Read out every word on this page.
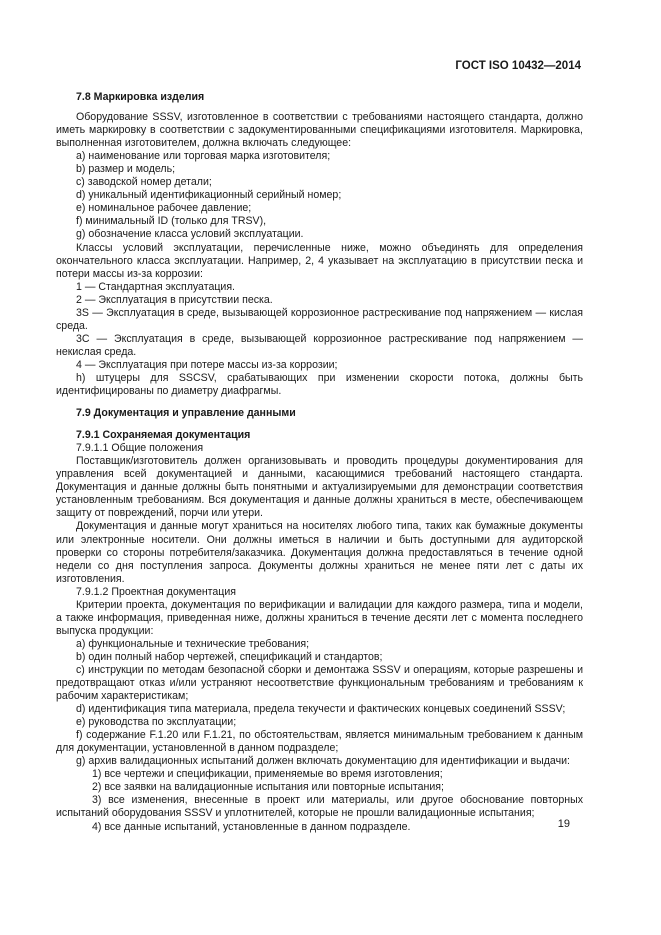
ГОСТ ISO 10432—2014
7.8 Маркировка изделия
Оборудование SSSV, изготовленное в соответствии с требованиями настоящего стандарта, должно иметь маркировку в соответствии с задокументированными спецификациями изготовителя. Маркировка, выполненная изготовителем, должна включать следующее:
а) наименование или торговая марка изготовителя;
b) размер и модель;
с) заводской номер детали;
d) уникальный идентификационный серийный номер;
е) номинальное рабочее давление;
f) минимальный ID (только для TRSV),
g) обозначение класса условий эксплуатации.
Классы условий эксплуатации, перечисленные ниже, можно объединять для определения окончательного класса эксплуатации. Например, 2, 4 указывает на эксплуатацию в присутствии песка и потери массы из-за коррозии:
1 — Стандартная эксплуатация.
2 — Эксплуатация в присутствии песка.
3S — Эксплуатация в среде, вызывающей коррозионное растрескивание под напряжением — кислая среда.
3С — Эксплуатация в среде, вызывающей коррозионное растрескивание под напряжением — некислая среда.
4 — Эксплуатация при потере массы из-за коррозии;
h) штуцеры для SSCSV, срабатывающих при изменении скорости потока, должны быть идентифицированы по диаметру диафрагмы.
7.9 Документация и управление данными
7.9.1 Сохраняемая документация
7.9.1.1 Общие положения
Поставщик/изготовитель должен организовывать и проводить процедуры документирования для управления всей документацией и данными, касающимися требований настоящего стандарта. Документация и данные должны быть понятными и актуализируемыми для демонстрации соответствия установленным требованиям. Вся документация и данные должны храниться в месте, обеспечивающем защиту от повреждений, порчи или утери.
Документация и данные могут храниться на носителях любого типа, таких как бумажные документы или электронные носители. Они должны иметься в наличии и быть доступными для аудиторской проверки со стороны потребителя/заказчика. Документация должна предоставляться в течение одной недели со дня поступления запроса. Документы должны храниться не менее пяти лет с даты их изготовления.
7.9.1.2 Проектная документация
Критерии проекта, документация по верификации и валидации для каждого размера, типа и модели, а также информация, приведенная ниже, должны храниться в течение десяти лет с момента последнего выпуска продукции:
а) функциональные и технические требования;
b) один полный набор чертежей, спецификаций и стандартов;
с) инструкции по методам безопасной сборки и демонтажа SSSV и операциям, которые разрешены и предотвращают отказ и/или устраняют несоответствие функциональным требованиям и требованиям к рабочим характеристикам;
d) идентификация типа материала, предела текучести и фактических концевых соединений SSSV;
е) руководства по эксплуатации;
f) содержание F.1.20 или F.1.21, по обстоятельствам, является минимальным требованием к данным для документации, установленной в данном подразделе;
g) архив валидационных испытаний должен включать документацию для идентификации и выдачи:
1) все чертежи и спецификации, применяемые во время изготовления;
2) все заявки на валидационные испытания или повторные испытания;
3) все изменения, внесенные в проект или материалы, или другое обоснование повторных испытаний оборудования SSSV и уплотнителей, которые не прошли валидационные испытания;
4) все данные испытаний, установленные в данном подразделе.	19
